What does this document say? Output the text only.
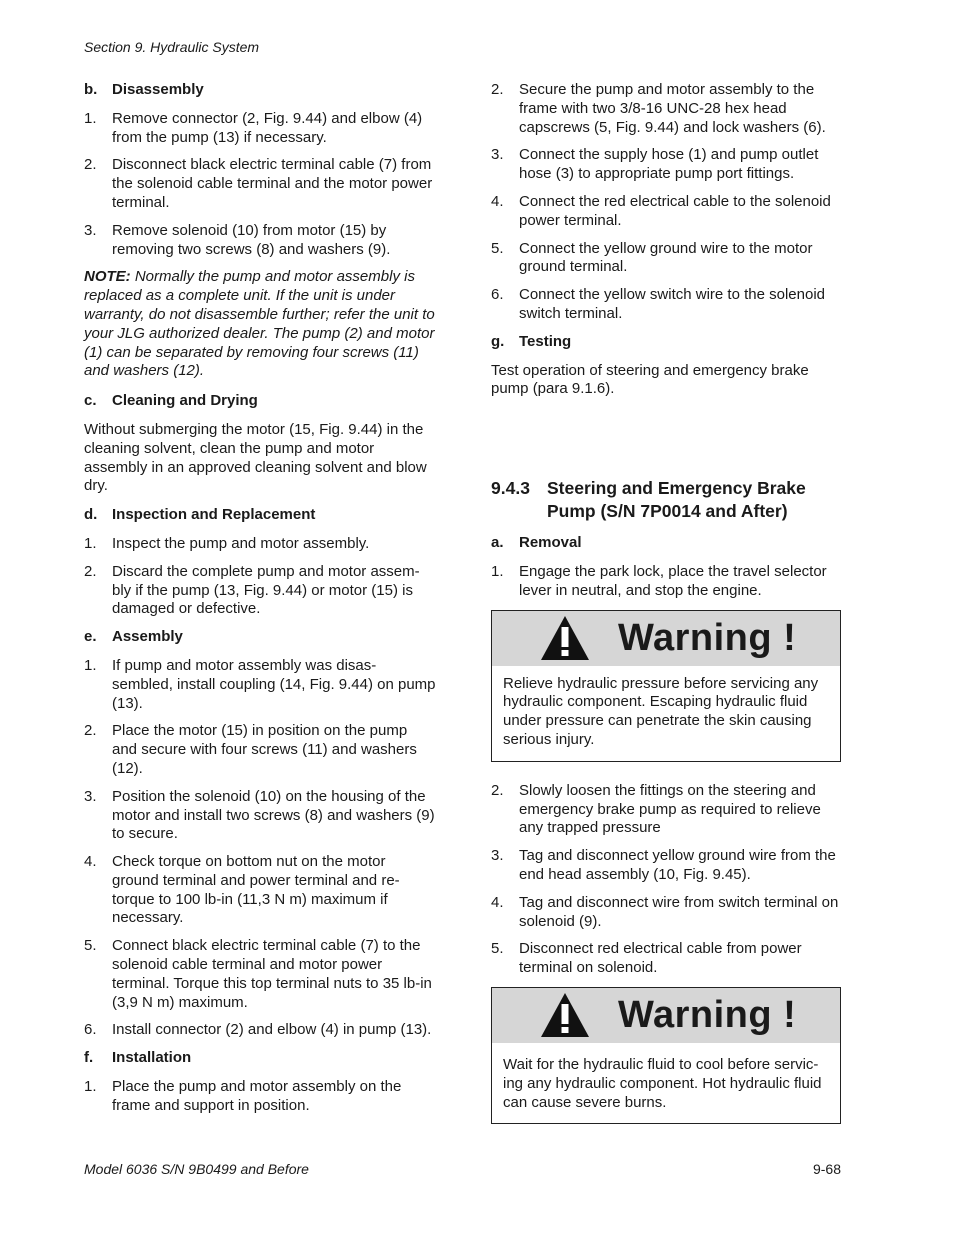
Section 9. Hydraulic System
b. Disassembly
1.	Remove connector (2, Fig. 9.44) and elbow (4) from the pump (13) if necessary.
2.	Disconnect black electric terminal cable (7) from the solenoid cable terminal and the motor power terminal.
3.	Remove solenoid (10) from motor (15) by removing two screws (8) and washers (9).
NOTE: Normally the pump and motor assembly is replaced as a complete unit. If the unit is under warranty, do not disassemble further; refer the unit to your JLG authorized dealer. The pump (2) and motor (1) can be separated by removing four screws (11) and washers (12).
c.	Cleaning and Drying
Without submerging the motor (15, Fig. 9.44) in the cleaning solvent, clean the pump and motor assembly in an approved cleaning solvent and blow dry.
d. Inspection and Replacement
1.	Inspect the pump and motor assembly.
2.	Discard the complete pump and motor assem-bly if the pump (13, Fig. 9.44) or motor (15) is damaged or defective.
e.	Assembly
1.	If pump and motor assembly was disas-sembled, install coupling (14, Fig. 9.44) on pump (13).
2.	Place the motor (15) in position on the pump and secure with four screws (11) and washers (12).
3.	Position the solenoid (10) on the housing of the motor and install two screws (8) and washers (9) to secure.
4.	Check torque on bottom nut on the motor ground terminal and power terminal and re-torque to 100 lb-in (11,3 N m) maximum if necessary.
5.	Connect black electric terminal cable (7) to the solenoid cable terminal and motor power terminal. Torque this top terminal nuts to 35 lb-in (3,9 N m) maximum.
6.	Install connector (2) and elbow (4) in pump (13).
f.	Installation
1.	Place the pump and motor assembly on the frame and support in position.
2.	Secure the pump and motor assembly to the frame with two 3/8-16 UNC-28 hex head capscrews (5, Fig. 9.44) and lock washers (6).
3.	Connect the supply hose (1) and pump outlet hose (3) to appropriate pump port fittings.
4.	Connect the red electrical cable to the solenoid power terminal.
5.	Connect the yellow ground wire to the motor ground terminal.
6.	Connect the yellow switch wire to the solenoid switch terminal.
g. Testing
Test operation of steering and emergency brake pump (para 9.1.6).
9.4.3 Steering and Emergency Brake Pump (S/N 7P0014 and After)
a.	Removal
1.	Engage the park lock, place the travel selector lever in neutral, and stop the engine.
Warning !
Relieve hydraulic pressure before servicing any hydraulic component. Escaping hydraulic fluid under pressure can penetrate the skin causing serious injury.
2.	Slowly loosen the fittings on the steering and emergency brake pump as required to relieve any trapped pressure
3.	Tag and disconnect yellow ground wire from the end head assembly (10, Fig. 9.45).
4.	Tag and disconnect wire from switch terminal on solenoid (9).
5.	Disconnect red electrical cable from power terminal on solenoid.
Warning !
Wait for the hydraulic fluid to cool before servic-ing any hydraulic component. Hot hydraulic fluid can cause severe burns.
Model 6036 S/N 9B0499 and Before	9-68
